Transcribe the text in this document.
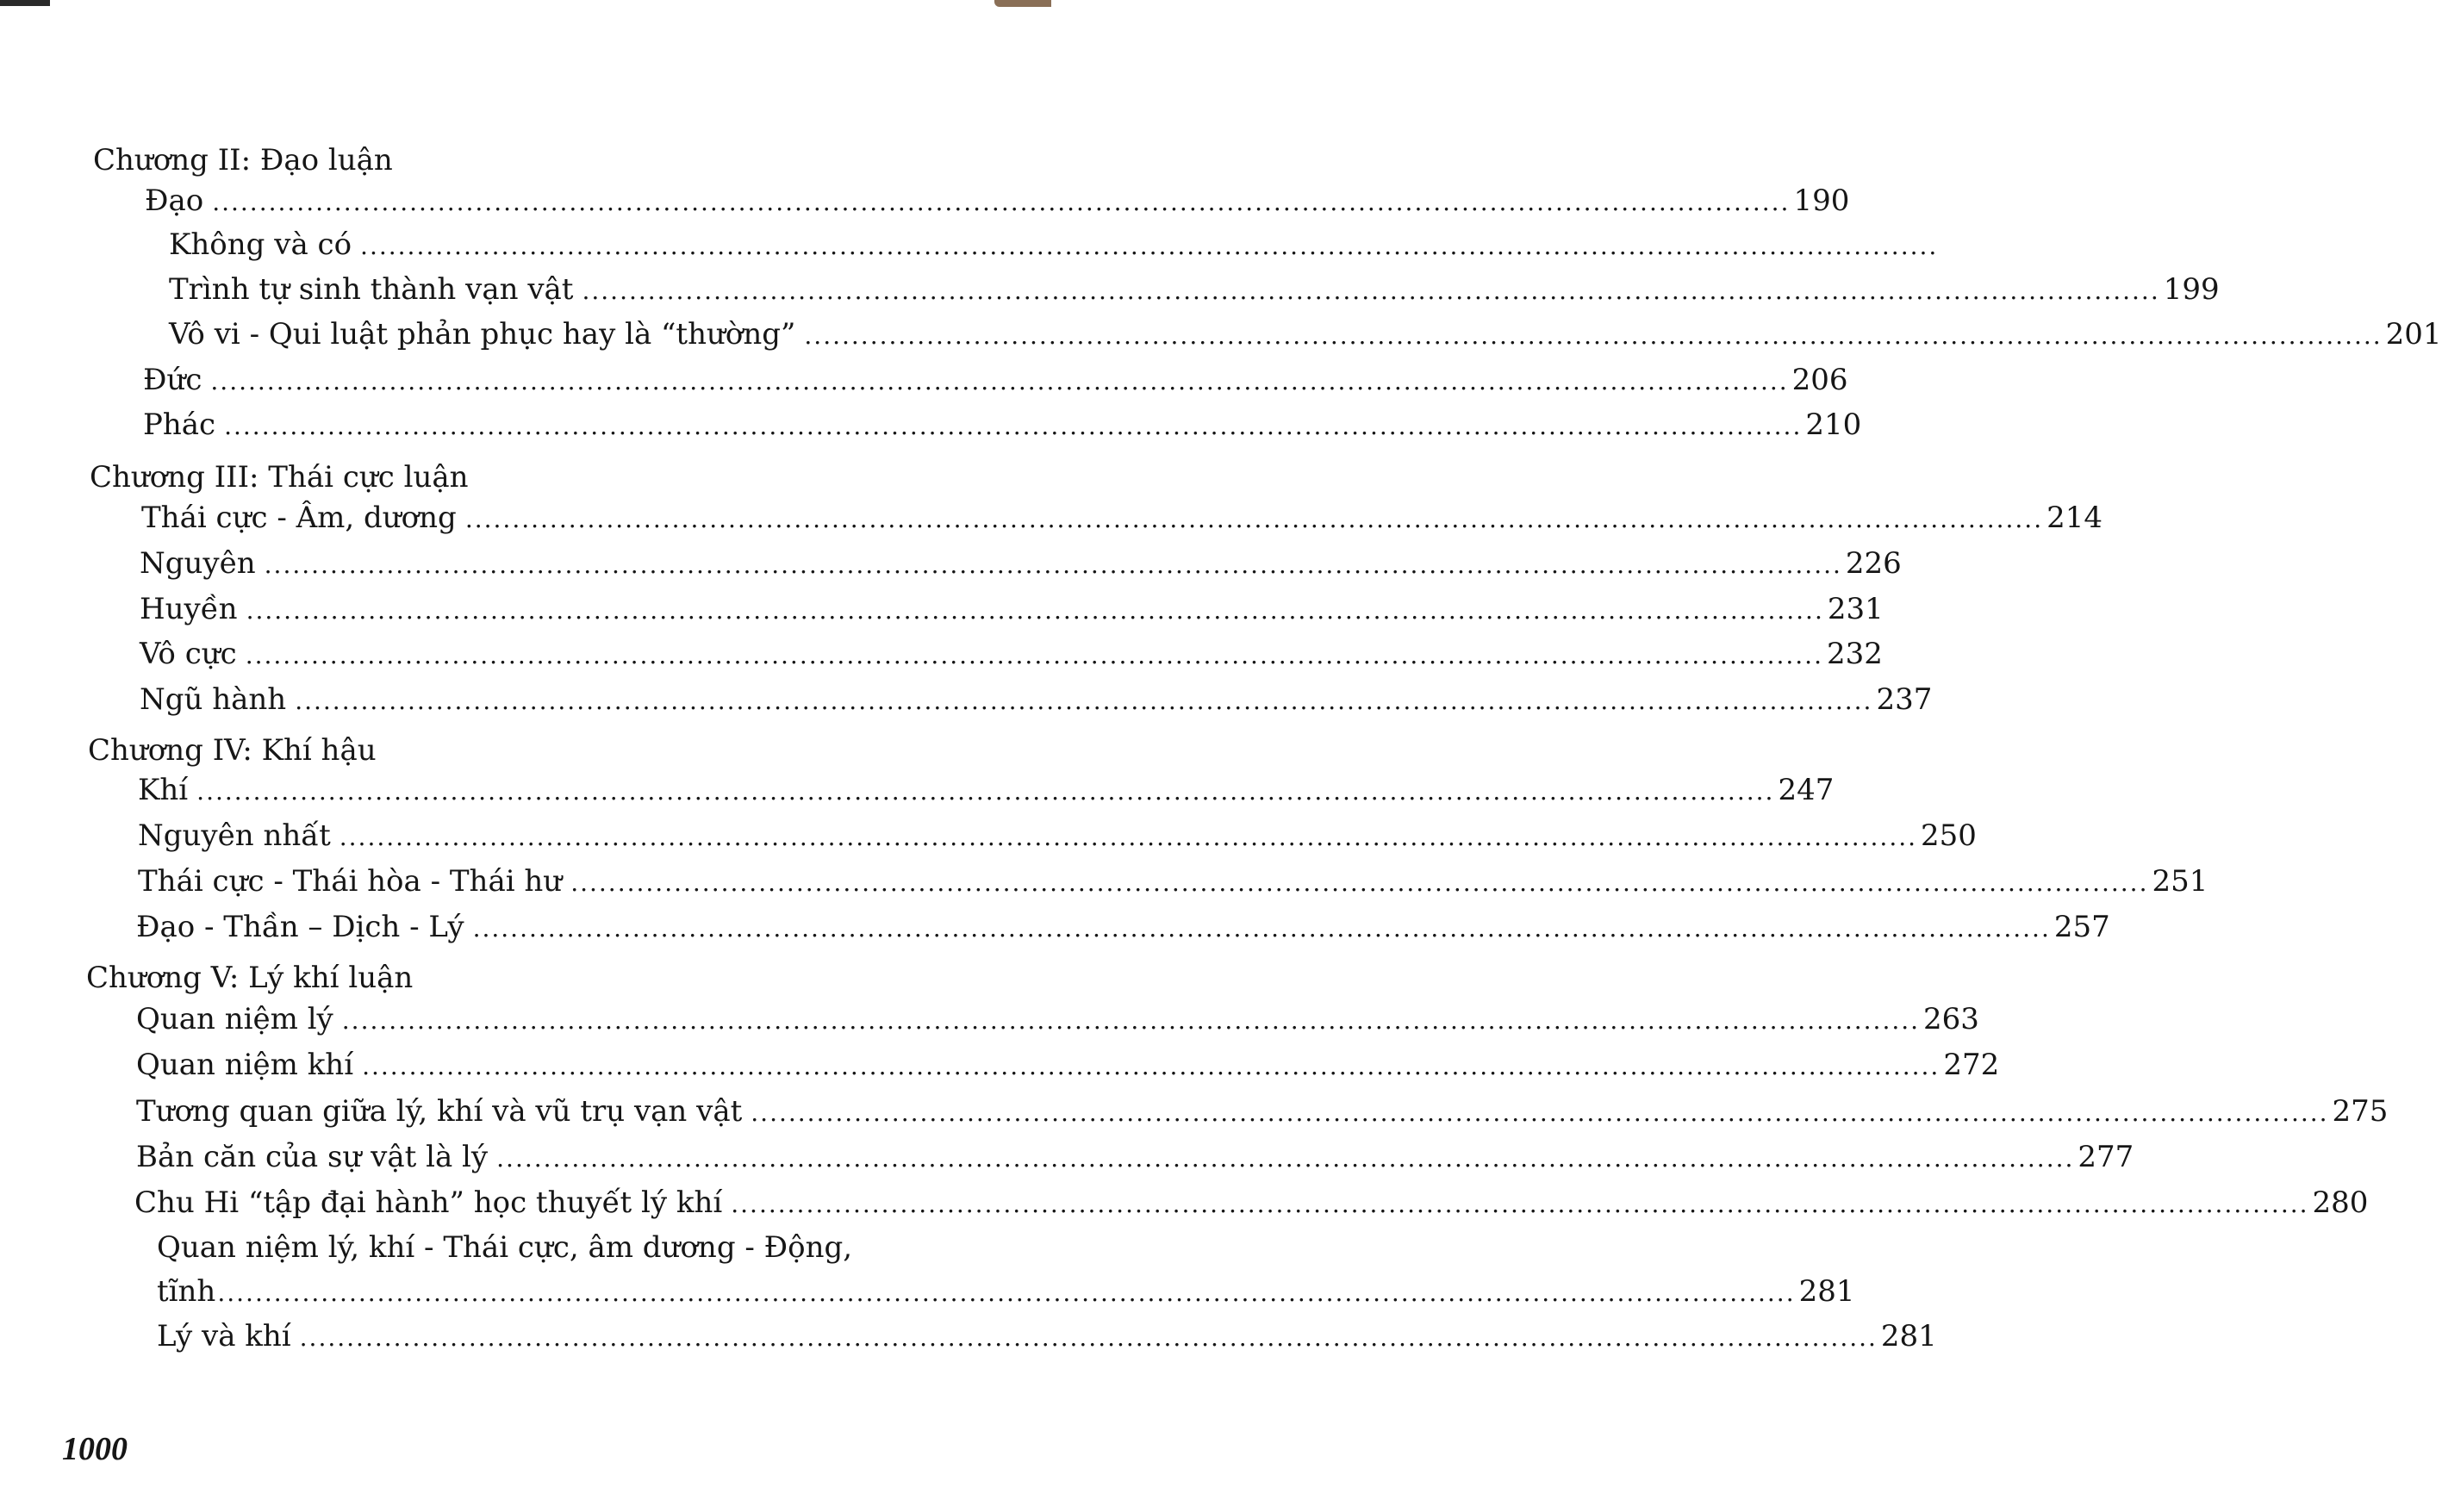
Chương II: Đạo luận
Đạo ........................................................................................................................................................................ 190
Không và có ........................................................................................................................................................................
Trình tự sinh thành vạn vật ........................................................................................................................................................................ 199
Vô vi - Qui luật phản phục hay là “thường” ........................................................................................................................................................................ 201
Đức ........................................................................................................................................................................ 206
Phác ........................................................................................................................................................................ 210
Chương III: Thái cực luận
Thái cực - Âm, dương ........................................................................................................................................................................ 214
Nguyên ........................................................................................................................................................................ 226
Huyền ........................................................................................................................................................................ 231
Vô cực ........................................................................................................................................................................ 232
Ngũ hành ........................................................................................................................................................................ 237
Chương IV: Khí hậu
Khí ........................................................................................................................................................................ 247
Nguyên nhất ........................................................................................................................................................................ 250
Thái cực - Thái hòa - Thái hư ........................................................................................................................................................................ 251
Đạo - Thần – Dịch - Lý ........................................................................................................................................................................ 257
Chương V: Lý khí luận
Quan niệm lý ........................................................................................................................................................................ 263
Quan niệm khí ........................................................................................................................................................................ 272
Tương quan giữa lý, khí và vũ trụ vạn vật ........................................................................................................................................................................ 275
Bản căn của sự vật là lý ........................................................................................................................................................................ 277
Chu Hi “tập đại hành” học thuyết lý khí ........................................................................................................................................................................ 280
Quan niệm lý, khí - Thái cực, âm dương - Động,
tĩnh ........................................................................................................................................................................ 281
Lý và khí ........................................................................................................................................................................ 281
1000
